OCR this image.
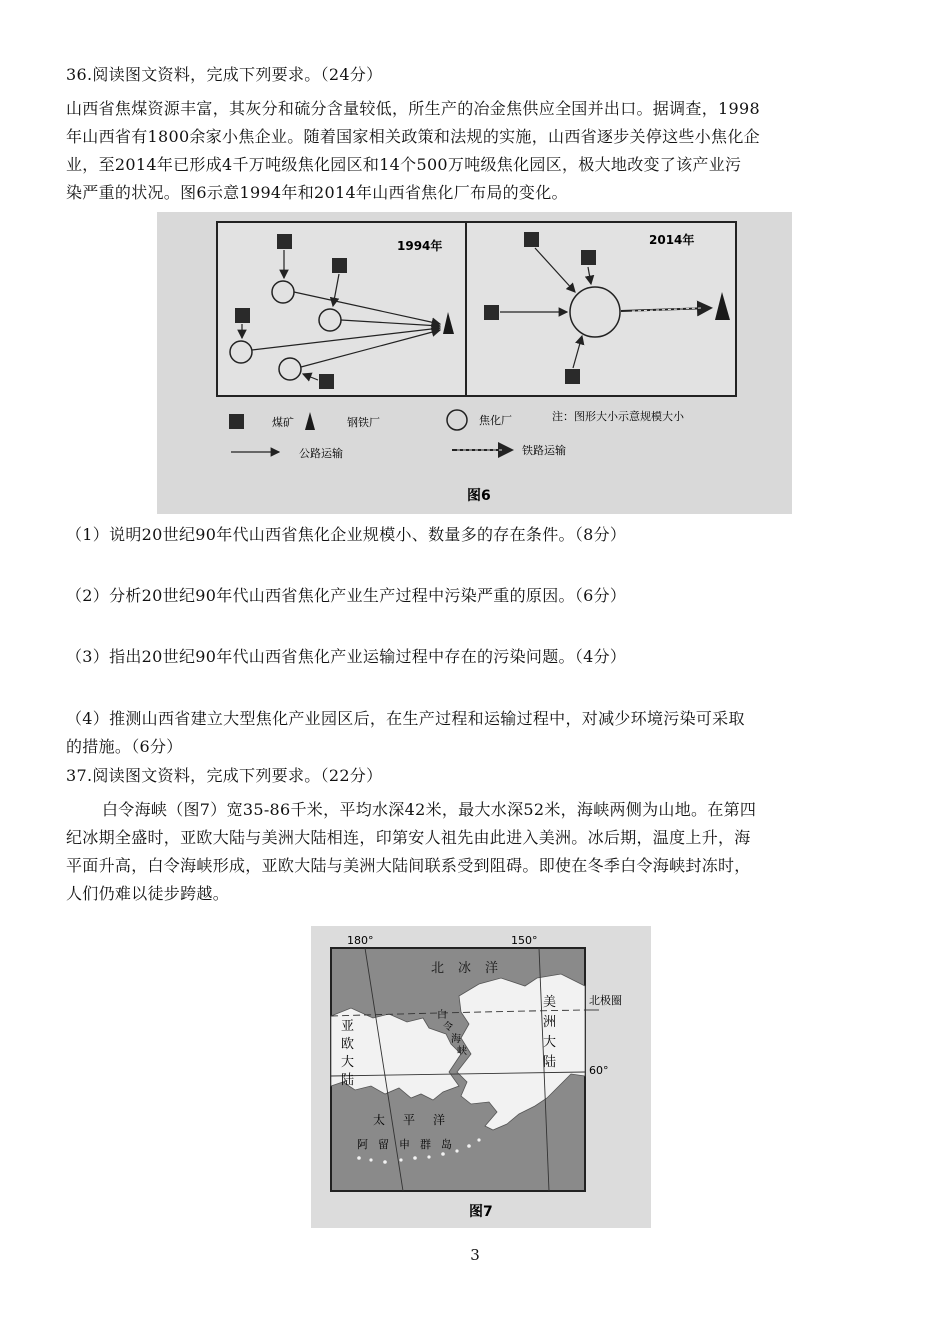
36.阅读图文资料，完成下列要求。（24分）
山西省焦煤资源丰富，其灰分和硫分含量较低，所生产的冶金焦供应全国并出口。据调查，1998
年山西省有1800余家小焦企业。随着国家相关政策和法规的实施，山西省逐步关停这些小焦化企
业，至2014年已形成4千万吨级焦化园区和14个500万吨级焦化园区，极大地改变了该产业污
染严重的状况。图6示意1994年和2014年山西省焦化厂布局的变化。
1994年	2014年
煤矿	钢铁厂	焦化厂	注：图形大小示意规模大小
公路运输	铁路运输
图6
（1）说明20世纪90年代山西省焦化企业规模小、数量多的存在条件。（8分）
（2）分析20世纪90年代山西省焦化产业生产过程中污染严重的原因。（6分）
（3）指出20世纪90年代山西省焦化产业运输过程中存在的污染问题。（4分）
（4）推测山西省建立大型焦化产业园区后，在生产过程和运输过程中，对减少环境污染可采取
的措施。（6分）
37.阅读图文资料，完成下列要求。（22分）
白令海峡（图7）宽35-86千米，平均水深42米，最大水深52米，海峡两侧为山地。在第四
纪冰期全盛时，亚欧大陆与美洲大陆相连，印第安人祖先由此进入美洲。冰后期，温度上升，海
平面升高，白令海峡形成，亚欧大陆与美洲大陆间联系受到阻碍。即使在冬季白令海峡封冻时，
人们仍难以徒步跨越。
180°	150°
北冰洋
北极圈
60°
亚
欧
大
陆
美
洲
大
陆
白
令
海
峡
太平洋
阿留申群岛
图7
3
